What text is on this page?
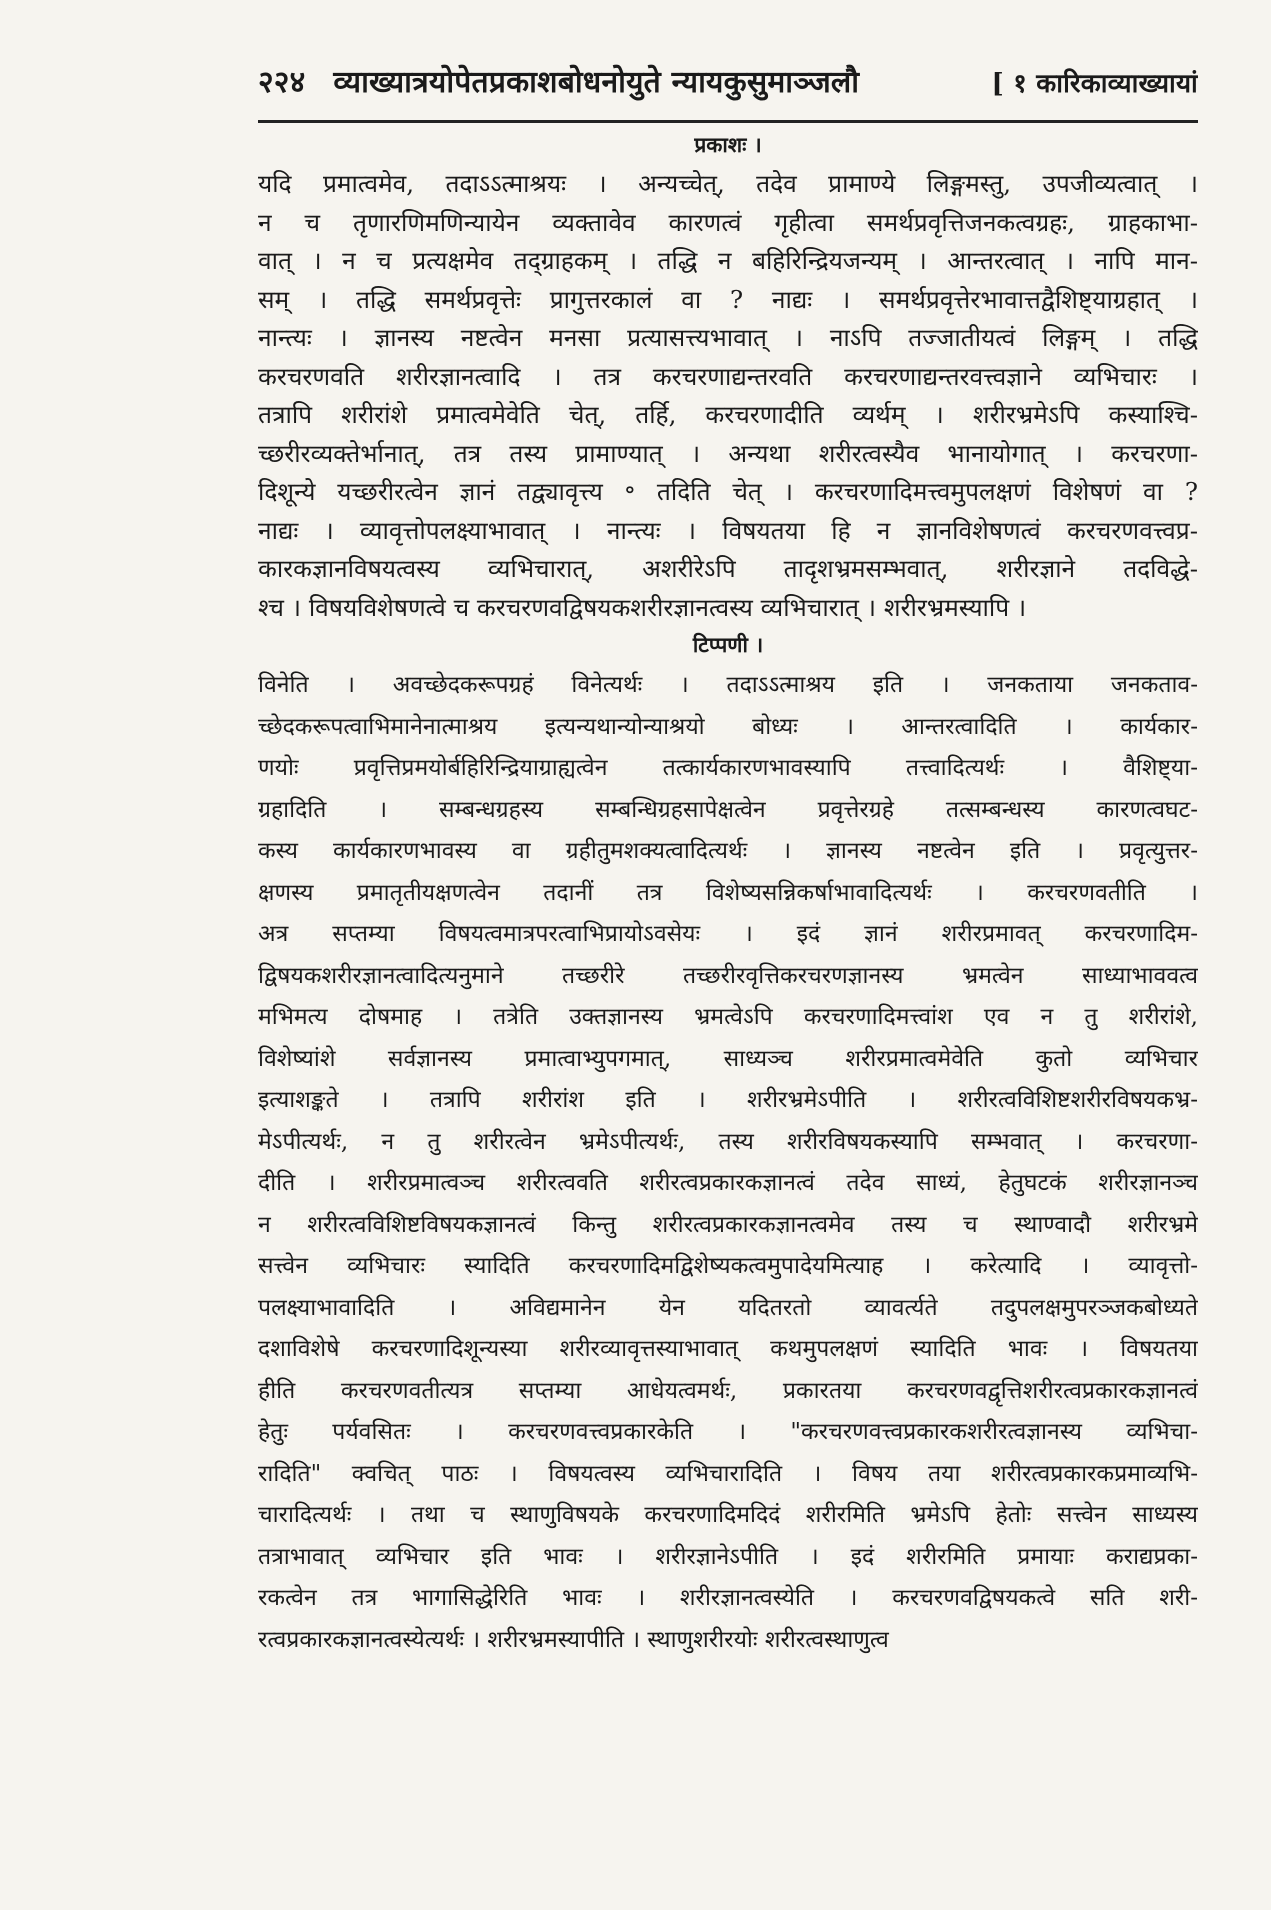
२२४ व्याख्यात्रयोपेतप्रकाशबोधनोयुते न्यायकुसुमाञ्जलौ	[ १ कारिकाव्याख्यायां
प्रकाशः ।
यदि प्रमात्वमेव, तदाऽऽत्माश्रयः । अन्यच्चेत्, तदेव प्रामाण्ये लिङ्गमस्तु, उपजीव्यत्वात् ।
न च तृणारणिमणिन्यायेन व्यक्तावेव कारणत्वं गृहीत्वा समर्थप्रवृत्तिजनकत्वग्रहः, ग्राहकाभा-
वात् । न च प्रत्यक्षमेव तद्ग्राहकम् । तद्धि न बहिरिन्द्रियजन्यम् । आन्तरत्वात् । नापि मान-
सम् । तद्धि समर्थप्रवृत्तेः प्रागुत्तरकालं वा ? नाद्यः । समर्थप्रवृत्तेरभावात्तद्वैशिष्ट्याग्रहात् ।
नान्त्यः । ज्ञानस्य नष्टत्वेन मनसा प्रत्यासत्त्यभावात् । नाऽपि तज्जातीयत्वं लिङ्गम् । तद्धि
करचरणवति शरीरज्ञानत्वादि । तत्र करचरणाद्यन्तरवति करचरणाद्यन्तरवत्त्वज्ञाने व्यभिचारः ।
तत्रापि शरीरांशे प्रमात्वमेवेति चेत्, तर्हि, करचरणादीति व्यर्थम् । शरीरभ्रमेऽपि कस्याश्चि-
च्छरीरव्यक्तेर्भानात्, तत्र तस्य प्रामाण्यात् । अन्यथा शरीरत्वस्यैव भानायोगात् । करचरणा-
दिशून्ये यच्छरीरत्वेन ज्ञानं तद्व्यावृत्त्य ॰ तदिति चेत् । करचरणादिमत्त्वमुपलक्षणं विशेषणं वा ?
नाद्यः । व्यावृत्तोपलक्ष्याभावात् । नान्त्यः । विषयतया हि न ज्ञानविशेषणत्वं करचरणवत्त्वप्र-
कारकज्ञानविषयत्वस्य व्यभिचारात्, अशरीरेऽपि तादृशभ्रमसम्भवात्, शरीरज्ञाने तदविद्धे-
श्च । विषयविशेषणत्वे च करचरणवद्विषयकशरीरज्ञानत्वस्य व्यभिचारात् । शरीरभ्रमस्यापि ।
टिप्पणी ।
विनेति । अवच्छेदकरूपग्रहं विनेत्यर्थः । तदाऽऽत्माश्रय इति । जनकताया जनकताव-
च्छेदकरूपत्वाभिमानेनात्माश्रय इत्यन्यथान्योन्याश्रयो बोध्यः । आन्तरत्वादिति । कार्यकार-
णयोः प्रवृत्तिप्रमयोर्बहिरिन्द्रियाग्राह्यत्वेन तत्कार्यकारणभावस्यापि तत्त्वादित्यर्थः । वैशिष्ट्या-
ग्रहादिति । सम्बन्धग्रहस्य सम्बन्धिग्रहसापेक्षत्वेन प्रवृत्तेरग्रहे तत्सम्बन्धस्य कारणत्वघट-
कस्य कार्यकारणभावस्य वा ग्रहीतुमशक्यत्वादित्यर्थः । ज्ञानस्य नष्टत्वेन इति । प्रवृत्युत्तर-
क्षणस्य प्रमातृतीयक्षणत्वेन तदानीं तत्र विशेष्यसन्निकर्षाभावादित्यर्थः । करचरणवतीति ।
अत्र सप्तम्या विषयत्वमात्रपरत्वाभिप्रायोऽवसेयः । इदं ज्ञानं शरीरप्रमावत् करचरणादिम-
द्विषयकशरीरज्ञानत्वादित्यनुमाने तच्छरीरे तच्छरीरवृत्तिकरचरणज्ञानस्य भ्रमत्वेन साध्याभाववत्व
मभिमत्य दोषमाह । तत्रेति उक्तज्ञानस्य भ्रमत्वेऽपि करचरणादिमत्त्वांश एव न तु शरीरांशे,
विशेष्यांशे सर्वज्ञानस्य प्रमात्वाभ्युपगमात्, साध्यञ्च शरीरप्रमात्वमेवेति कुतो व्यभिचार
इत्याशङ्कते । तत्रापि शरीरांश इति । शरीरभ्रमेऽपीति । शरीरत्वविशिष्टशरीरविषयकभ्र-
मेऽपीत्यर्थः, न तु शरीरत्वेन भ्रमेऽपीत्यर्थः, तस्य शरीरविषयकस्यापि सम्भवात् । करचरणा-
दीति । शरीरप्रमात्वञ्च शरीरत्ववति शरीरत्वप्रकारकज्ञानत्वं तदेव साध्यं, हेतुघटकं शरीरज्ञानञ्च
न शरीरत्वविशिष्टविषयकज्ञानत्वं किन्तु शरीरत्वप्रकारकज्ञानत्वमेव तस्य च स्थाण्वादौ शरीरभ्रमे
सत्त्वेन व्यभिचारः स्यादिति करचरणादिमद्विशेष्यकत्वमुपादेयमित्याह । करेत्यादि । व्यावृत्तो-
पलक्ष्याभावादिति । अविद्यमानेन येन यदितरतो व्यावर्त्यते तदुपलक्षमुपरञ्जकबोध्यते
दशाविशेषे करचरणादिशून्यस्या शरीरव्यावृत्तस्याभावात् कथमुपलक्षणं स्यादिति भावः । विषयतया
हीति करचरणवतीत्यत्र सप्तम्या आधेयत्वमर्थः, प्रकारतया करचरणवद्वृत्तिशरीरत्वप्रकारकज्ञानत्वं
हेतुः पर्यवसितः । करचरणवत्त्वप्रकारकेति । "करचरणवत्त्वप्रकारकशरीरत्वज्ञानस्य व्यभिचा-
रादिति" क्वचित् पाठः । विषयत्वस्य व्यभिचारादिति । विषय तया शरीरत्वप्रकारकप्रमाव्यभि-
चारादित्यर्थः । तथा च स्थाणुविषयके करचरणादिमदिदं शरीरमिति भ्रमेऽपि हेतोः सत्त्वेन साध्यस्य
तत्राभावात् व्यभिचार इति भावः । शरीरज्ञानेऽपीति । इदं शरीरमिति प्रमायाः कराद्यप्रका-
रकत्वेन तत्र भागासिद्धेरिति भावः । शरीरज्ञानत्वस्येति । करचरणवद्विषयकत्वे सति शरी-
रत्वप्रकारकज्ञानत्वस्येत्यर्थः । शरीरभ्रमस्यापीति । स्थाणुशरीरयोः शरीरत्वस्थाणुत्व
